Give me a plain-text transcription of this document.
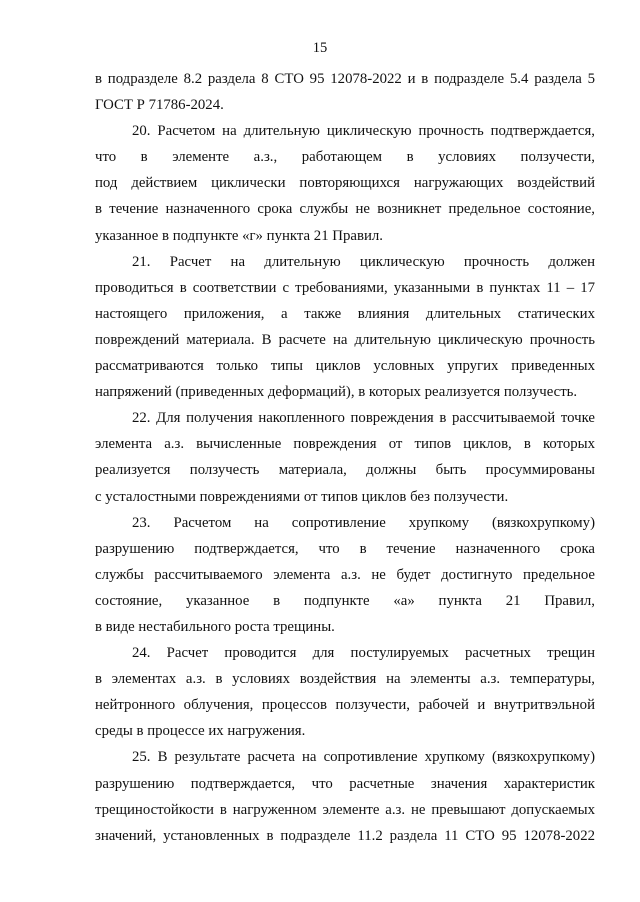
15

в подразделе 8.2 раздела 8 СТО 95 12078-2022 и в подразделе 5.4 раздела 5
ГОСТ Р 71786-2024.

20. Расчетом на длительную циклическую прочность подтверждается,
что в элементе а.з., работающем в условиях ползучести,
под действием циклически повторяющихся нагружающих воздействий
в течение назначенного срока службы не возникнет предельное состояние,
указанное в подпункте «г» пункта 21 Правил.

21. Расчет на длительную циклическую прочность должен
проводиться в соответствии с требованиями, указанными в пунктах 11 – 17
настоящего приложения, а также влияния длительных статических
повреждений материала. В расчете на длительную циклическую прочность
рассматриваются только типы циклов условных упругих приведенных
напряжений (приведенных деформаций), в которых реализуется ползучесть.

22. Для получения накопленного повреждения в рассчитываемой точке
элемента а.з. вычисленные повреждения от типов циклов, в которых
реализуется ползучесть материала, должны быть просуммированы
с усталостными повреждениями от типов циклов без ползучести.

23. Расчетом на сопротивление хрупкому (вязкохрупкому)
разрушению подтверждается, что в течение назначенного срока
службы рассчитываемого элемента а.з. не будет достигнуто предельное
состояние, указанное в подпункте «а» пункта 21 Правил,
в виде нестабильного роста трещины.

24. Расчет проводится для постулируемых расчетных трещин
в элементах а.з. в условиях воздействия на элементы а.з. температуры,
нейтронного облучения, процессов ползучести, рабочей и внутритвэльной
среды в процессе их нагружения.

25. В результате расчета на сопротивление хрупкому (вязкохрупкому)
разрушению подтверждается, что расчетные значения характеристик
трещиностойкости в нагруженном элементе а.з. не превышают допускаемых
значений, установленных в подразделе 11.2 раздела 11 СТО 95 12078-2022
